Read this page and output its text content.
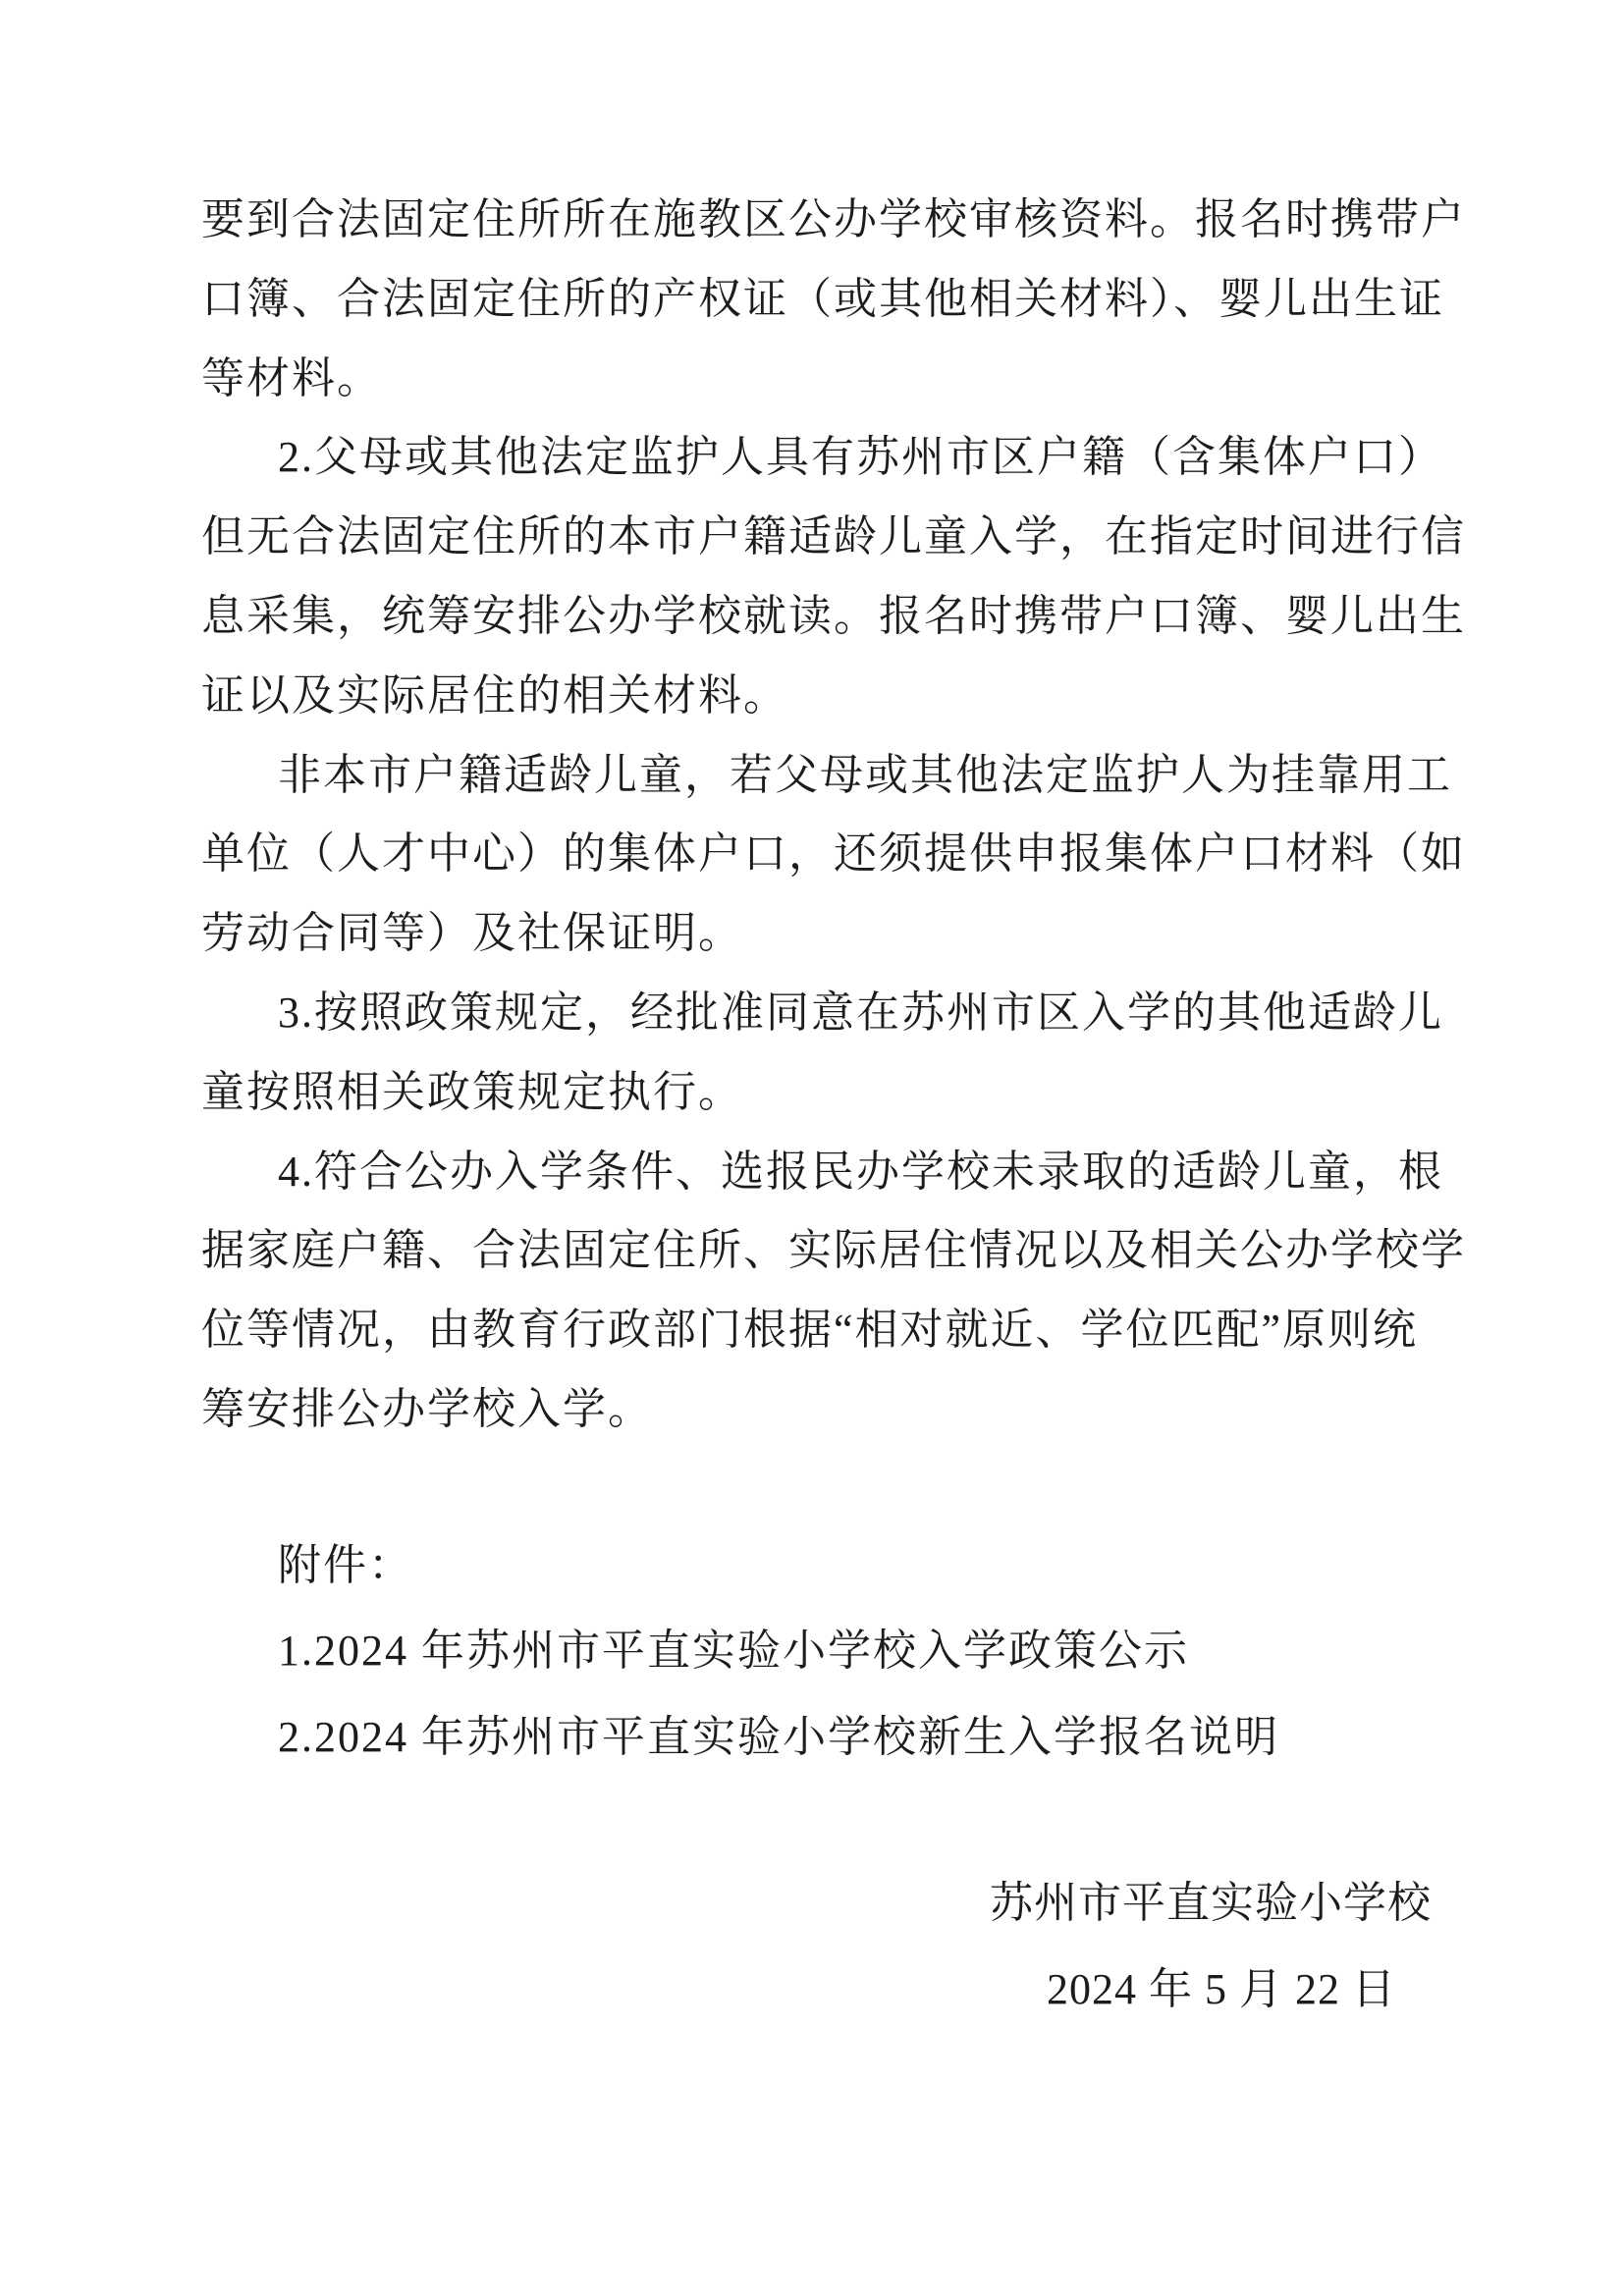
要到合法固定住所所在施教区公办学校审核资料。报名时携带户
口簿、合法固定住所的产权证（或其他相关材料）、婴儿出生证
等材料。
2.父母或其他法定监护人具有苏州市区户籍（含集体户口）
但无合法固定住所的本市户籍适龄儿童入学，在指定时间进行信
息采集，统筹安排公办学校就读。报名时携带户口簿、婴儿出生
证以及实际居住的相关材料。
非本市户籍适龄儿童，若父母或其他法定监护人为挂靠用工
单位（人才中心）的集体户口，还须提供申报集体户口材料（如
劳动合同等）及社保证明。
3.按照政策规定，经批准同意在苏州市区入学的其他适龄儿
童按照相关政策规定执行。
4.符合公办入学条件、选报民办学校未录取的适龄儿童，根
据家庭户籍、合法固定住所、实际居住情况以及相关公办学校学
位等情况，由教育行政部门根据“相对就近、学位匹配”原则统
筹安排公办学校入学。
附件：
1.2024 年苏州市平直实验小学校入学政策公示
2.2024 年苏州市平直实验小学校新生入学报名说明
苏州市平直实验小学校
2024 年 5 月 22 日
